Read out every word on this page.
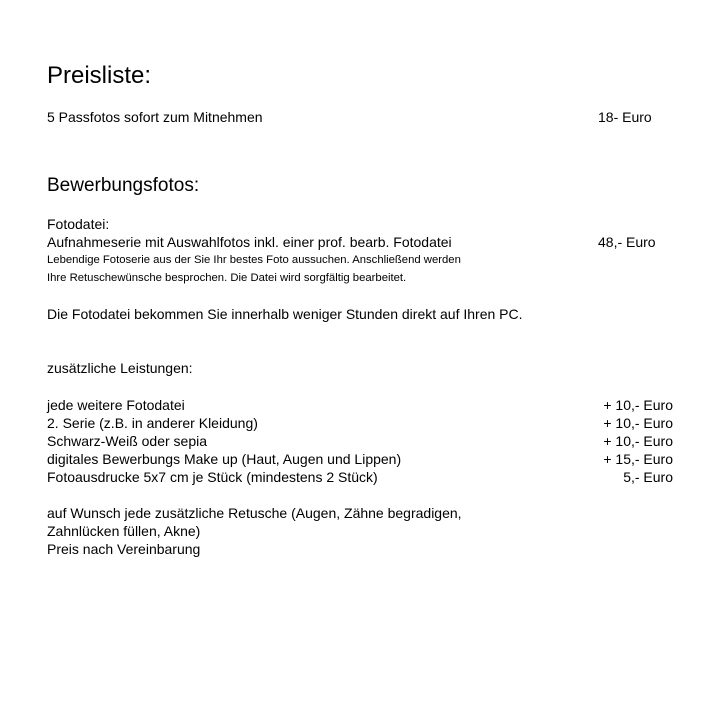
Preisliste:
5 Passfotos sofort zum Mitnehmen	18- Euro
Bewerbungsfotos:
Fotodatei:
Aufnahmeserie mit Auswahlfotos inkl. einer prof. bearb. Fotodatei	48,- Euro
Lebendige Fotoserie aus der Sie Ihr bestes Foto aussuchen. Anschließend werden
Ihre Retuschewünsche besprochen. Die Datei wird sorgfältig bearbeitet.
Die Fotodatei bekommen Sie innerhalb weniger Stunden direkt auf Ihren PC.
zusätzliche Leistungen:
jede weitere Fotodatei	+ 10,- Euro
2. Serie (z.B. in anderer Kleidung)	+ 10,- Euro
Schwarz-Weiß oder sepia	+ 10,- Euro
digitales Bewerbungs Make up (Haut, Augen und Lippen)	+ 15,- Euro
Fotoausdrucke 5x7 cm je Stück (mindestens 2 Stück)	5,- Euro
auf Wunsch jede zusätzliche Retusche (Augen, Zähne begradigen,
Zahnlücken füllen, Akne)
Preis nach Vereinbarung
